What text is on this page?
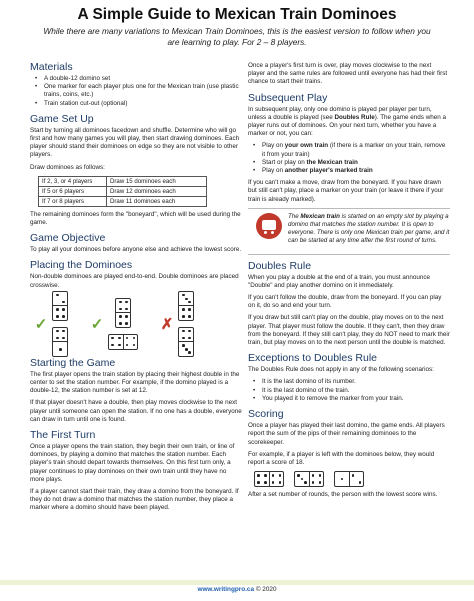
A Simple Guide to Mexican Train Dominoes
While there are many variations to Mexican Train Dominoes, this is the easiest version to follow when you are learning to play. For 2 – 8 players.
Materials
• A double-12 domino set
• One marker for each player plus one for the Mexican train (use plastic trains, coins, etc.)
• Train station cut-out (optional)
Game Set Up

Start by turning all dominoes facedown and shuffle. Determine who will go first and how many games you will play, then start drawing dominoes. Each player should stand their dominoes on edge so they are not visible to other players.

Draw dominoes as follows:

If 2, 3, or 4 players	Draw 15 dominoes each
If 5 or 6 players	Draw 12 dominoes each
If 7 or 8 players	Draw 11 dominoes each

The remaining dominoes form the "boneyard", which will be used during the game.

Game Objective

To play all your dominoes before anyone else and achieve the lowest score.

Placing the Dominoes

Non-double dominoes are played end-to-end. Double dominoes are placed crosswise.

✓	✓	✗
Starting the Game

The first player opens the train station by placing their highest double in the center to set the station number. For example, if the domino played is a double-12, the station number is set at 12.

If that player doesn't have a double, then play moves clockwise to the next player until someone can open the station. If no one has a double, everyone can draw in turn until one is found.

The First Turn

Once a player opens the train station, they begin their own train, or line of dominoes, by playing a domino that matches the station number. Each player's train should depart towards themselves. On this first turn only, a player continues to play dominoes on their own train until they have no more plays.

If a player cannot start their train, they draw a domino from the boneyard. If they do not draw a domino that matches the station number, they place a marker where a domino should have been played.

Once a player's first turn is over, play moves clockwise to the next player and the same rules are followed until everyone has had their first chance to start their trains.

Subsequent Play

In subsequent play, only one domino is played per player per turn, unless a double is played (see Doubles Rule). The game ends when a player runs out of dominoes. On your next turn, whether you have a marker or not, you can:

• Play on your own train (if there is a marker on your train, remove it from your train)
• Start or play on the Mexican train
• Play on another player's marked train

If you can't make a move, draw from the boneyard. If you have drawn but still can't play, place a marker on your train (or leave it there if your train is already marked).

The Mexican train is started on an empty slot by playing a domino that matches the station number. It is open to everyone. There is only one Mexican train per game, and it can be started at any time after the first round of turns.

Doubles Rule

When you play a double at the end of a train, you must announce "Double" and play another domino on it immediately.

If you can't follow the double, draw from the boneyard. If you can play on it, do so and end your turn.

If you draw but still can't play on the double, play moves on to the next player. That player must follow the double. If they can't, then they draw from the boneyard. If they still can't play, they do NOT need to mark their train, but play moves on to the next person until the double is matched.

Exceptions to Doubles Rule

The Doubles Rule does not apply in any of the following scenarios:

• It is the last domino of its number.
• It is the last domino of the train.
• You played it to remove the marker from your train.
Scoring

Once a player has played their last domino, the game ends. All players report the sum of the pips of their remaining dominoes to the scorekeeper.

For example, if a player is left with the dominoes below, they would report a score of 18.

After a set number of rounds, the person with the lowest score wins.

www.writingpro.ca © 2020
